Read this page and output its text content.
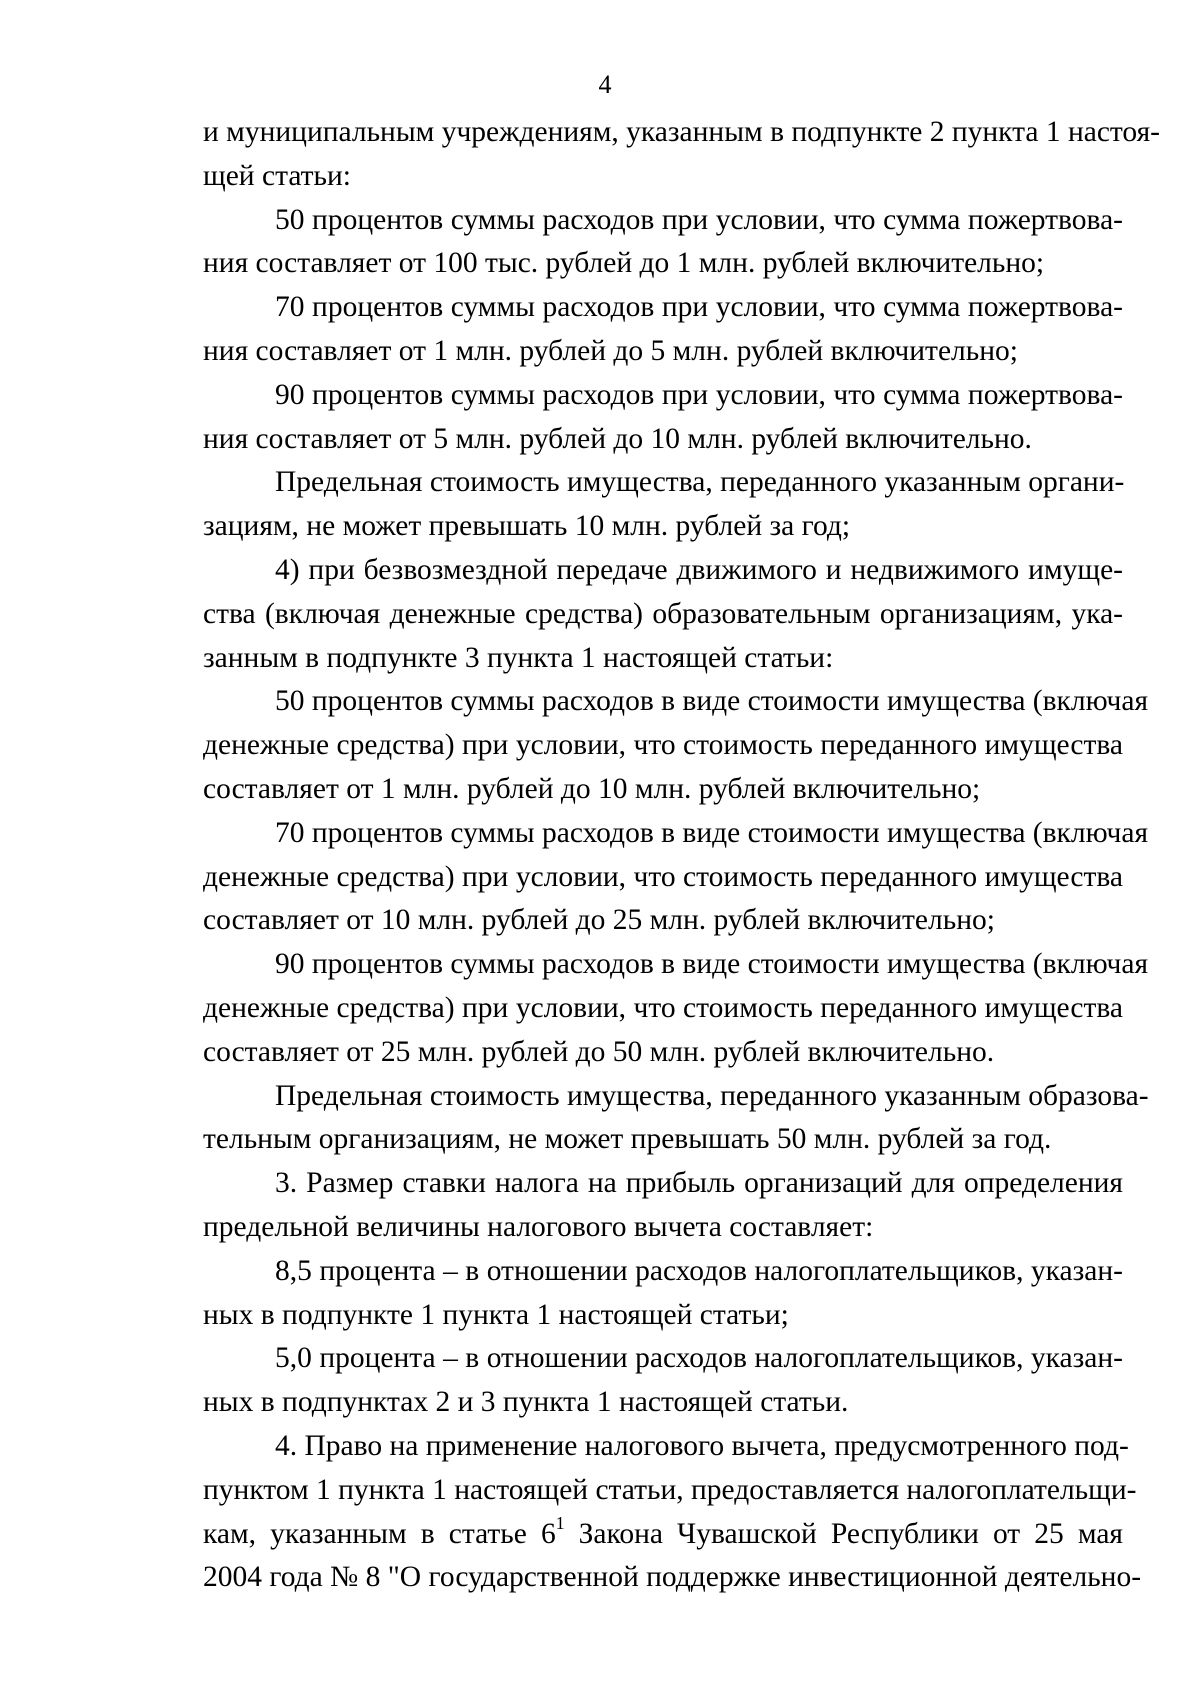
4

и муниципальным учреждениям, указанным в подпункте 2 пункта 1 настоя-
щей статьи:

50 процентов суммы расходов при условии, что сумма пожертвова-
ния составляет от 100 тыс. рублей до 1 млн. рублей включительно;

70 процентов суммы расходов при условии, что сумма пожертвова-
ния составляет от 1 млн. рублей до 5 млн. рублей включительно;

90 процентов суммы расходов при условии, что сумма пожертвова-
ния составляет от 5 млн. рублей до 10 млн. рублей включительно.

Предельная стоимость имущества, переданного указанным органи-
зациям, не может превышать 10 млн. рублей за год;

4) при безвозмездной передаче движимого и недвижимого имуще-
ства (включая денежные средства) образовательным организациям, ука-
занным в подпункте 3 пункта 1 настоящей статьи:

50 процентов суммы расходов в виде стоимости имущества (включая
денежные средства) при условии, что стоимость переданного имущества
составляет от 1 млн. рублей до 10 млн. рублей включительно;

70 процентов суммы расходов в виде стоимости имущества (включая
денежные средства) при условии, что стоимость переданного имущества
составляет от 10 млн. рублей до 25 млн. рублей включительно;

90 процентов суммы расходов в виде стоимости имущества (включая
денежные средства) при условии, что стоимость переданного имущества
составляет от 25 млн. рублей до 50 млн. рублей включительно.

Предельная стоимость имущества, переданного указанным образова-
тельным организациям, не может превышать 50 млн. рублей за год.

3. Размер ставки налога на прибыль организаций для определения
предельной величины налогового вычета составляет:

8,5 процента – в отношении расходов налогоплательщиков, указан-
ных в подпункте 1 пункта 1 настоящей статьи;

5,0 процента – в отношении расходов налогоплательщиков, указан-
ных в подпунктах 2 и 3 пункта 1 настоящей статьи.

4. Право на применение налогового вычета, предусмотренного под-
пунктом 1 пункта 1 настоящей статьи, предоставляется налогоплательщи-
кам, указанным в статье $6^1$ Закона Чувашской Республики от 25 мая
2004 года № 8 "О государственной поддержке инвестиционной деятельно-
